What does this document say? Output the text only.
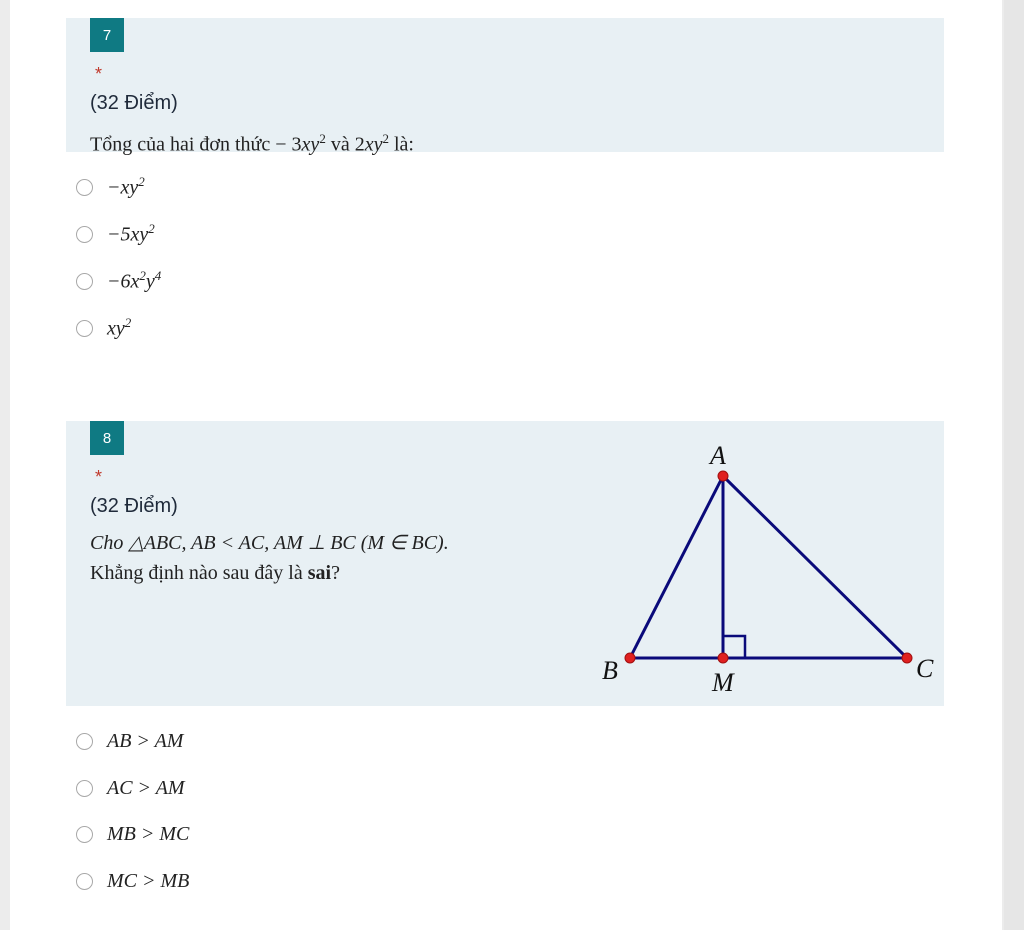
7
*
(32 Điểm)
Tổng của hai đơn thức − $3xy^2$ và $2xy^2$ là:
$-xy^2$
$-5xy^2$
$-6x^2y^4$
$xy^2$
8
*
(32 Điểm)
Cho △ABC, AB < AC, AM ⊥ BC (M ∈ BC).
Khẳng định nào sau đây là sai?
A
B	C
M
AB > AM
AC > AM
MB > MC
MC > MB
